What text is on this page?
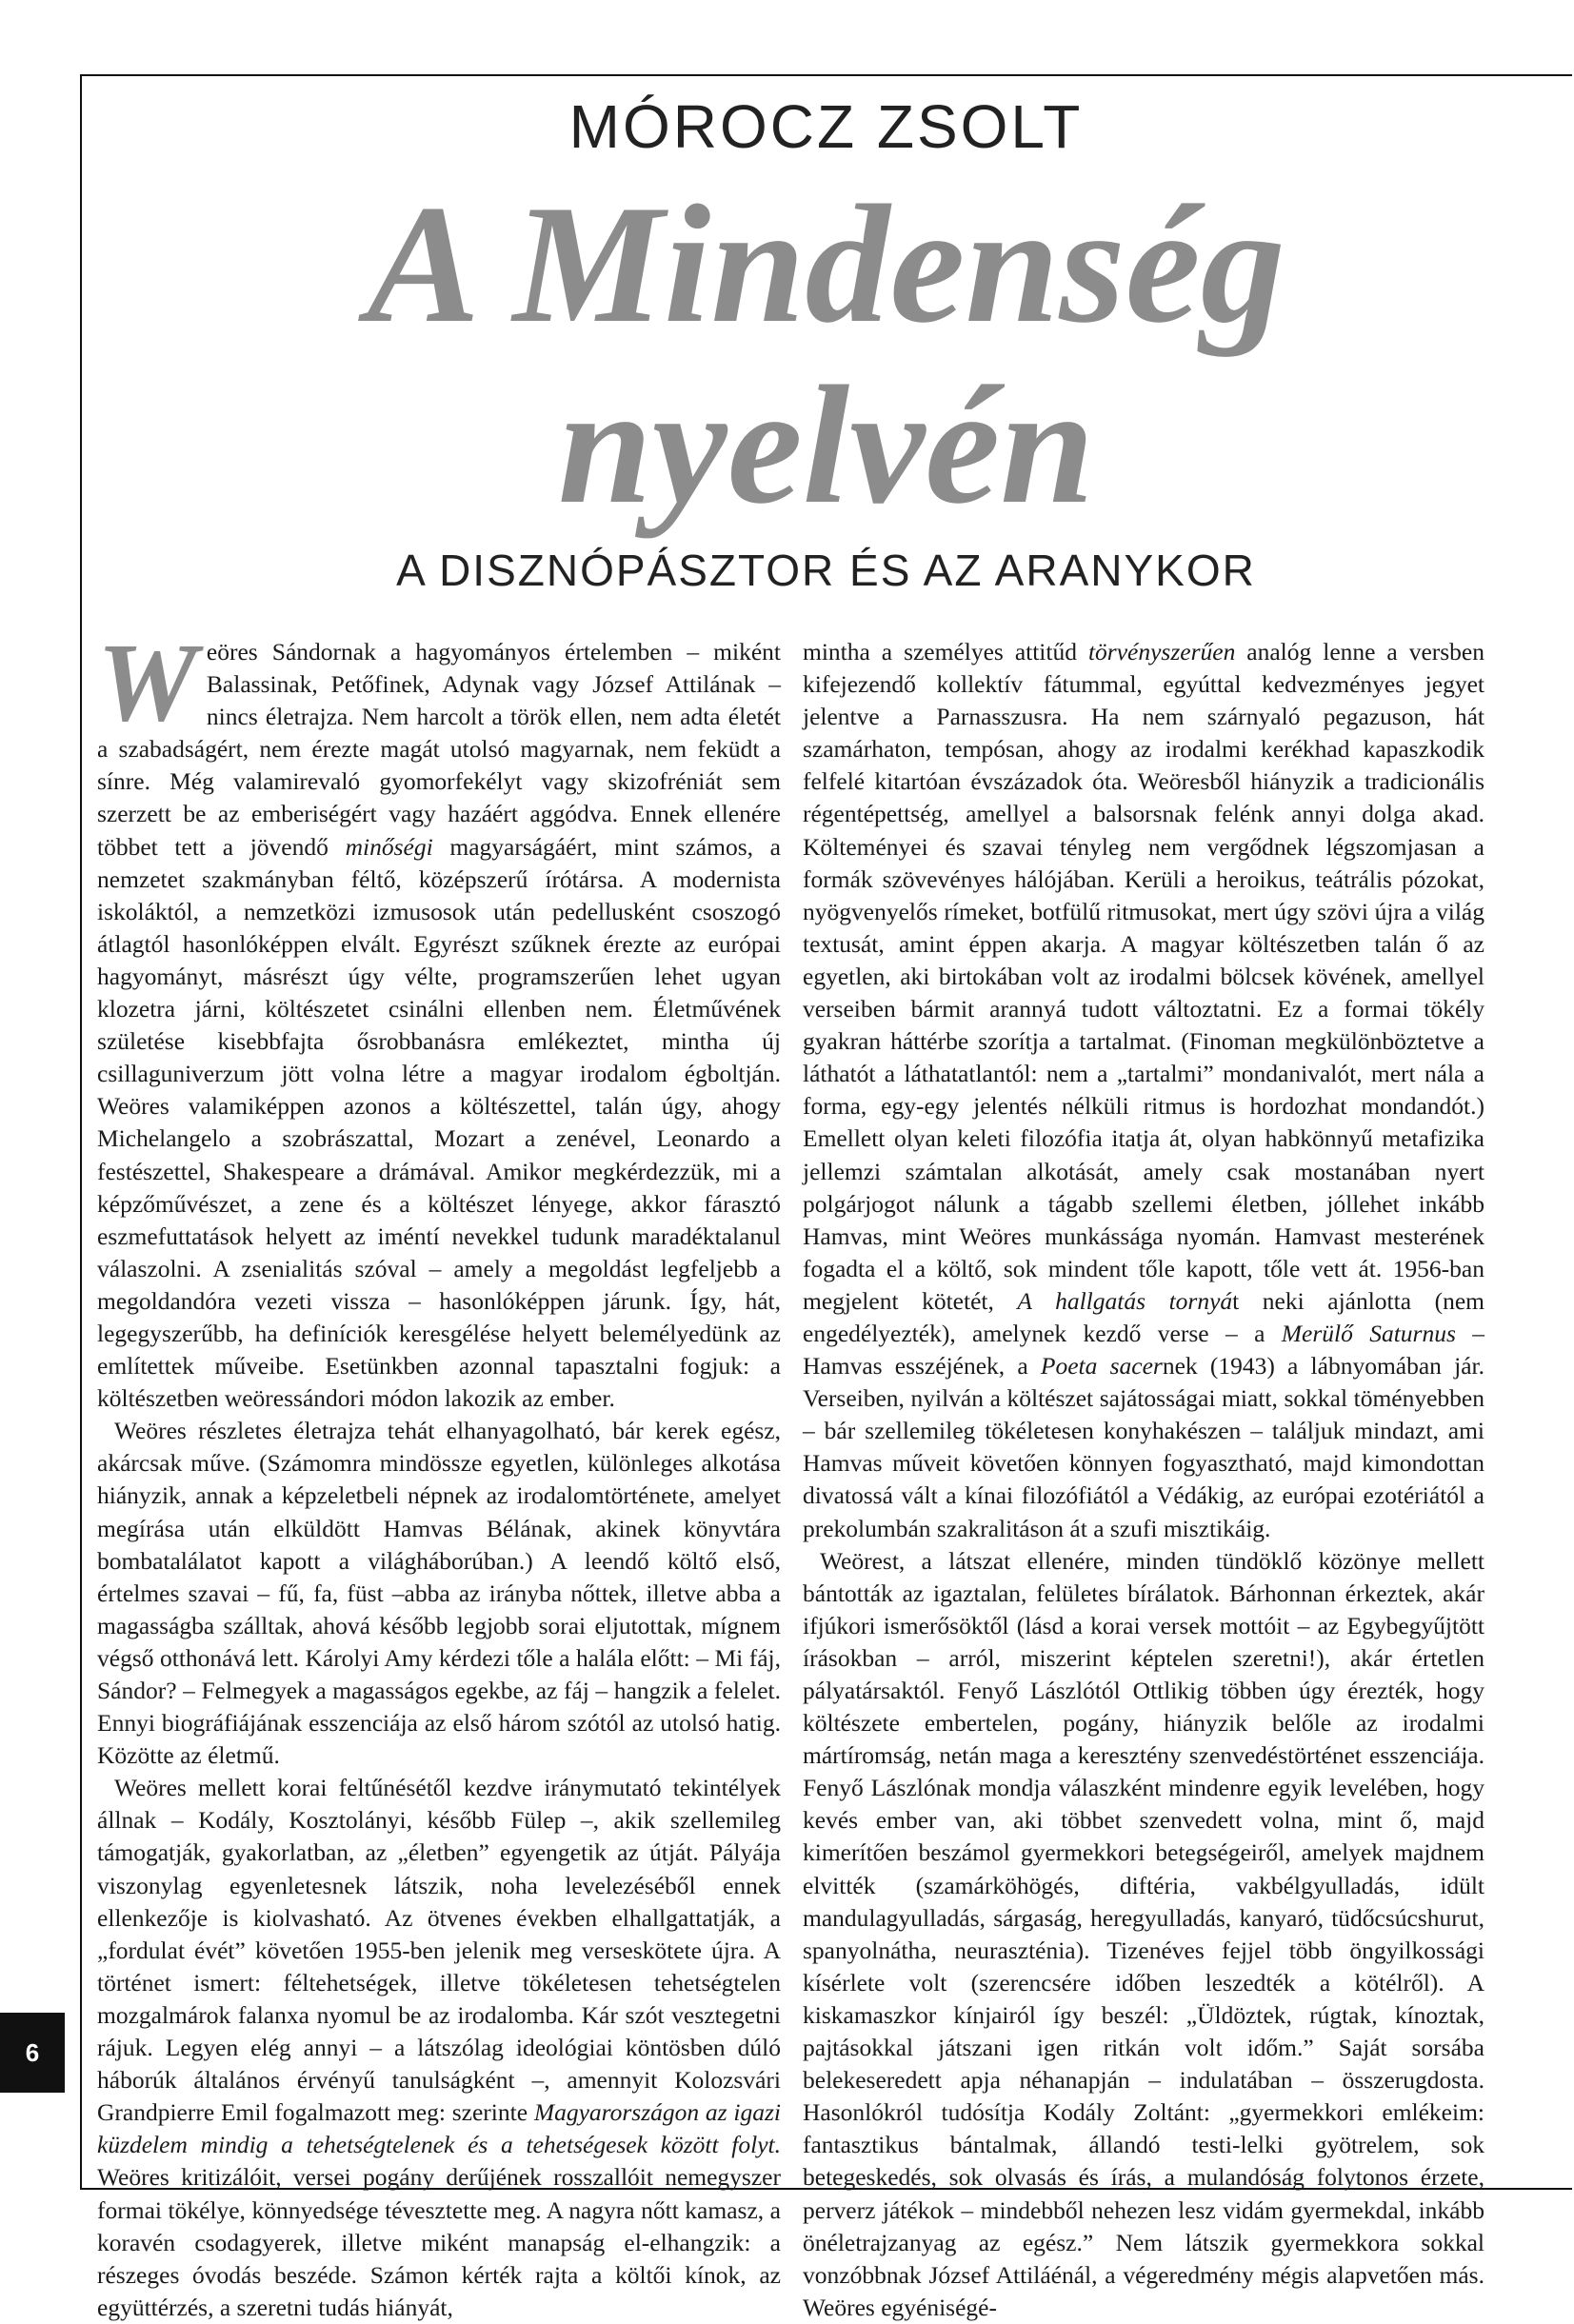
MÓROCZ ZSOLT
A Mindenség
nyelvén
A DISZNÓPÁSZTOR ÉS AZ ARANYKOR

Weöres Sándornak a hagyományos értelemben – miként Balassinak, Petőfinek, Adynak vagy József Attilának – nincs életrajza. Nem harcolt a török ellen, nem adta életét a szabadságért, nem érezte magát utolsó magyarnak, nem feküdt a sínre. Még valamirevaló gyomorfekélyt vagy skizofréniát sem szerzett be az emberiségért vagy hazáért aggódva. Ennek ellenére többet tett a jövendő minőségi magyarságáért, mint számos, a nemzetet szakmányban féltő, középszerű írótársa. A modernista iskoláktól, a nemzetközi izmusosok után pedellusként csoszogó átlagtól hasonlóképpen elvált. Egyrészt szűknek érezte az európai hagyományt, másrészt úgy vélte, programszerűen lehet ugyan klozetra járni, költészetet csinálni ellenben nem. Életművének születése kisebbfajta ősrobbanásra emlékeztet, mintha új csillaguniverzum jött volna létre a magyar irodalom égboltján. Weöres valamiképpen azonos a költészettel, talán úgy, ahogy Michelangelo a szobrászattal, Mozart a zenével, Leonardo a festészettel, Shakespeare a drámával. Amikor megkérdezzük, mi a képzőművészet, a zene és a költészet lényege, akkor fárasztó eszmefuttatások helyett az iméntí nevekkel tudunk maradéktalanul válaszolni. A zsenialitás szóval – amely a megoldást legfeljebb a megoldandóra vezeti vissza – hasonlóképpen járunk. Így, hát, legegyszerűbb, ha definíciók keresgélése helyett belemélyedünk az említettek műveibe. Esetünkben azonnal tapasztalni fogjuk: a költészetben weöressándori módon lakozik az ember.

Weöres részletes életrajza tehát elhanyagolható, bár kerek egész, akárcsak műve. (Számomra mindössze egyetlen, különleges alkotása hiányzik, annak a képzeletbeli népnek az irodalomtörténete, amelyet megírása után elküldött Hamvas Bélának, akinek könyvtára bombatalálatot kapott a világháborúban.) A leendő költő első, értelmes szavai – fű, fa, füst –abba az irányba nőttek, illetve abba a magasságba szálltak, ahová később legjobb sorai eljutottak, mígnem végső otthonává lett. Károlyi Amy kérdezi tőle a halála előtt: – Mi fáj, Sándor? – Felmegyek a magasságos egekbe, az fáj – hangzik a felelet. Ennyi biográfiájának esszenciája az első három szótól az utolsó hatig. Közötte az életmű.

Weöres mellett korai feltűnésétől kezdve iránymutató tekintélyek állnak – Kodály, Kosztolányi, később Fülep –, akik szellemileg támogatják, gyakorlatban, az „életben” egyengetik az útját. Pályája viszonylag egyenletesnek látszik, noha levelezéséből ennek ellenkezője is kiolvasható. Az ötvenes években elhallgattatják, a „fordulat évét” követően 1955-ben jelenik meg verseskötete újra. A történet ismert: féltehetségek, illetve tökéletesen tehetségtelen mozgalmárok falanxa nyomul be az irodalomba. Kár szót vesztegetni rájuk. Legyen elég annyi – a látszólag ideológiai köntösben dúló háborúk általános érvényű tanulságként –, amennyit Kolozsvári Grandpierre Emil fogalmazott meg: szerinte Magyarországon az igazi küzdelem mindig a tehetségtelenek és a tehetségesek között folyt. Weöres kritizálóit, versei pogány derűjének rosszallóit nemegyszer formai tökélye, könnyedsége tévesztette meg. A nagyra nőtt kamasz, a koravén csodagyerek, illetve miként manapság el-elhangzik: a részeges óvodás beszéde. Számon kérték rajta a költői kínok, az együttérzés, a szeretni tudás hiányát,

mintha a személyes attitűd törvényszerűen analóg lenne a versben kifejezendő kollektív fátummal, egyúttal kedvezményes jegyet jelentve a Parnasszusra. Ha nem szárnyaló pegazuson, hát szamárhaton, tempósan, ahogy az irodalmi kerékhad kapaszkodik felfelé kitartóan évszázadok óta. Weöresből hiányzik a tradicionális régentépettség, amellyel a balsorsnak felénk annyi dolga akad. Költeményei és szavai tényleg nem vergődnek légszomjasan a formák szövevényes hálójában. Kerüli a heroikus, teátrális pózokat, nyögvenyelős rímeket, botfülű ritmusokat, mert úgy szövi újra a világ textusát, amint éppen akarja. A magyar költészetben talán ő az egyetlen, aki birtokában volt az irodalmi bölcsek kövének, amellyel verseiben bármit arannyá tudott változtatni. Ez a formai tökély gyakran háttérbe szorítja a tartalmat. (Finoman megkülönböztetve a láthatót a láthatatlantól: nem a „tartalmi” mondanivalót, mert nála a forma, egy-egy jelentés nélküli ritmus is hordozhat mondandót.) Emellett olyan keleti filozófia itatja át, olyan habkönnyű metafizika jellemzi számtalan alkotását, amely csak mostanában nyert polgárjogot nálunk a tágabb szellemi életben, jóllehet inkább Hamvas, mint Weöres munkássága nyomán. Hamvast mesterének fogadta el a költő, sok mindent tőle kapott, tőle vett át. 1956-ban megjelent kötetét, A hallgatás tornyát neki ajánlotta (nem engedélyezték), amelynek kezdő verse – a Merülő Saturnus – Hamvas esszéjének, a Poeta sacernek (1943) a lábnyomában jár. Verseiben, nyilván a költészet sajátosságai miatt, sokkal töményebben – bár szellemileg tökéletesen konyhakészen – találjuk mindazt, ami Hamvas műveit követően könnyen fogyasztható, majd kimondottan divatossá vált a kínai filozófiától a Védákig, az európai ezotériától a prekolumbán szakralitáson át a szufi misztikáig.

Weörest, a látszat ellenére, minden tündöklő közönye mellett bántották az igaztalan, felületes bírálatok. Bárhonnan érkeztek, akár ifjúkori ismerősöktől (lásd a korai versek mottóit – az Egybegyűjtött írásokban – arról, miszerint képtelen szeretni!), akár értetlen pályatársaktól. Fenyő Lászlótól Ottlikig többen úgy érezték, hogy költészete embertelen, pogány, hiányzik belőle az irodalmi mártíromság, netán maga a keresztény szenvedéstörténet esszenciája. Fenyő Lászlónak mondja válaszként mindenre egyik levelében, hogy kevés ember van, aki többet szenvedett volna, mint ő, majd kimerítően beszámol gyermekkori betegségeiről, amelyek majdnem elvitték (szamárköhögés, diftéria, vakbélgyulladás, idült mandulagyulladás, sárgaság, heregyulladás, kanyaró, tüdőcsúcshurut, spanyolnátha, neuraszténia). Tizenéves fejjel több öngyilkossági kísérlete volt (szerencsére időben leszedték a kötélről). A kiskamaszkor kínjairól így beszél: „Üldöztek, rúgtak, kínoztak, pajtásokkal játszani igen ritkán volt időm.” Saját sorsába belekeseredett apja néhanapján – indulatában – összerugdosta. Hasonlókról tudósítja Kodály Zoltánt: „gyermekkori emlékeim: fantasztikus bántalmak, állandó testi-lelki gyötrelem, sok betegeskedés, sok olvasás és írás, a mulandóság folytonos érzete, perverz játékok – mindebből nehezen lesz vidám gyermekdal, inkább önéletrajzanyag az egész.” Nem látszik gyermekkora sokkal vonzóbbnak József Attiláénál, a végeredmény mégis alapvetően más. Weöres egyéniségé-

6
